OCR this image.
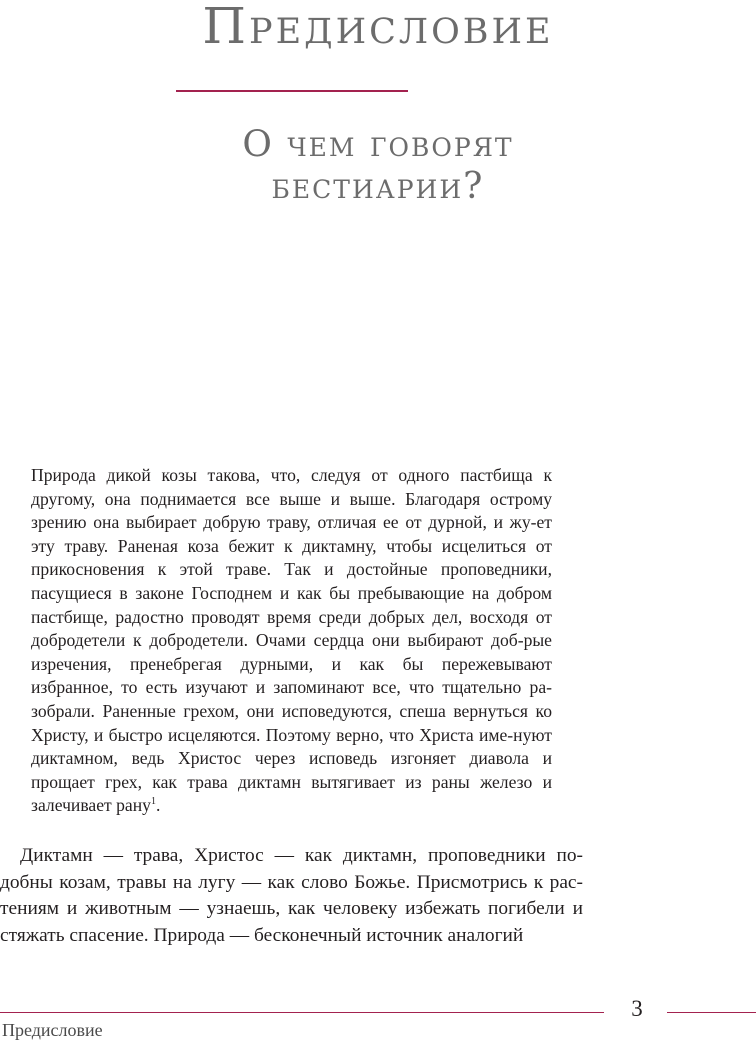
Предисловие
О чем говорят
бестиарии?

Природа дикой козы такова, что, следуя от одного пастбища к другому, она поднимается все выше и выше. Благодаря острому зрению она выбирает добрую траву, отличая ее от дурной, и жу-ет эту траву. Раненая коза бежит к диктамну, чтобы исцелиться от прикосновения к этой траве. Так и достойные проповедники, пасущиеся в законе Господнем и как бы пребывающие на добром пастбище, радостно проводят время среди добрых дел, восходя от добродетели к добродетели. Очами сердца они выбирают доб-рые изречения, пренебрегая дурными, и как бы пережевывают избранное, то есть изучают и запоминают все, что тщательно ра-зобрали. Раненные грехом, они исповедуются, спеша вернуться ко Христу, и быстро исцеляются. Поэтому верно, что Христа име-нуют диктамном, ведь Христос через исповедь изгоняет диавола и прощает грех, как трава диктамн вытягивает из раны железо и залечивает рану$^1$.

Диктамн — трава, Христос — как диктамн, проповедники по-добны козам, травы на лугу — как слово Божье. Присмотрись к рас-тениям и животным — узнаешь, как человеку избежать погибели и стяжать спасение. Природа — бесконечный источник аналогий

3
Предисловие
